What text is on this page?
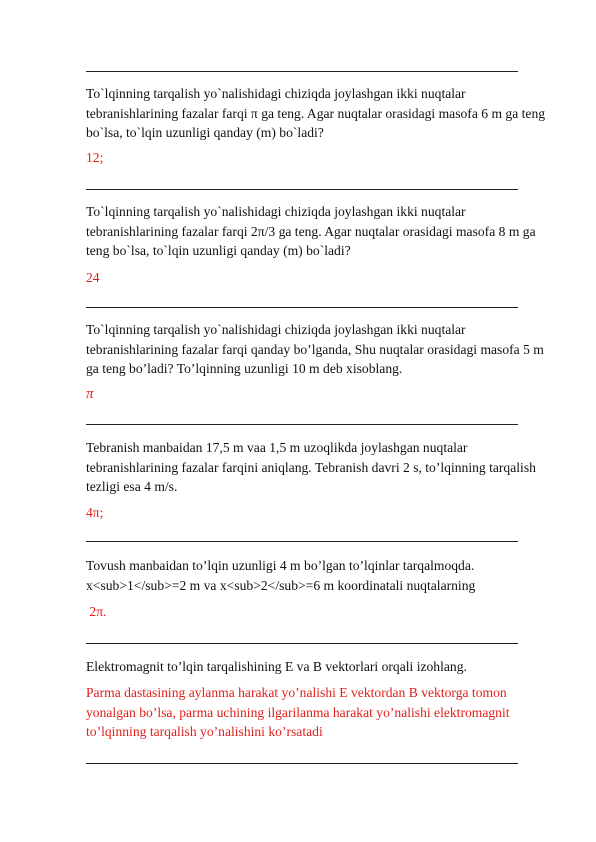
To`lqinning tarqalish yo`nalishidagi chiziqda joylashgan ikki nuqtalar tebranishlarining fazalar farqi π ga teng. Agar nuqtalar orasidagi masofa 6 m ga teng bo`lsa, to`lqin uzunligi qanday (m) bo`ladi?

12;

To`lqinning tarqalish yo`nalishidagi chiziqda joylashgan ikki nuqtalar tebranishlarining fazalar farqi 2π/3 ga teng. Agar nuqtalar orasidagi masofa 8 m ga teng bo`lsa, to`lqin uzunligi qanday (m) bo`ladi?

24

To`lqinning tarqalish yo`nalishidagi chiziqda joylashgan ikki nuqtalar tebranishlarining fazalar farqi qanday bo’lganda, Shu nuqtalar orasidagi masofa 5 m ga teng bo’ladi? To’lqinning uzunligi 10 m deb xisoblang.

π

Tebranish manbaidan 17,5 m vaa 1,5 m uzoqlikda joylashgan nuqtalar tebranishlarining fazalar farqini aniqlang. Tebranish davri 2 s, to’lqinning tarqalish tezligi esa 4 m/s.

4π;

Tovush manbaidan to’lqin uzunligi 4 m bo’lgan to’lqinlar tarqalmoqda. x<sub>1</sub>=2 m va x<sub>2</sub>=6 m koordinatali nuqtalarning

2π.

Elektromagnit to’lqin tarqalishining E va B vektorlari orqali izohlang.

Parma dastasining aylanma harakat yo’nalishi E vektordan B vektorga tomon yonalgan bo’lsa, parma uchining ilgarilanma harakat yo’nalishi elektromagnit to’lqinning tarqalish yo’nalishini ko’rsatadi
